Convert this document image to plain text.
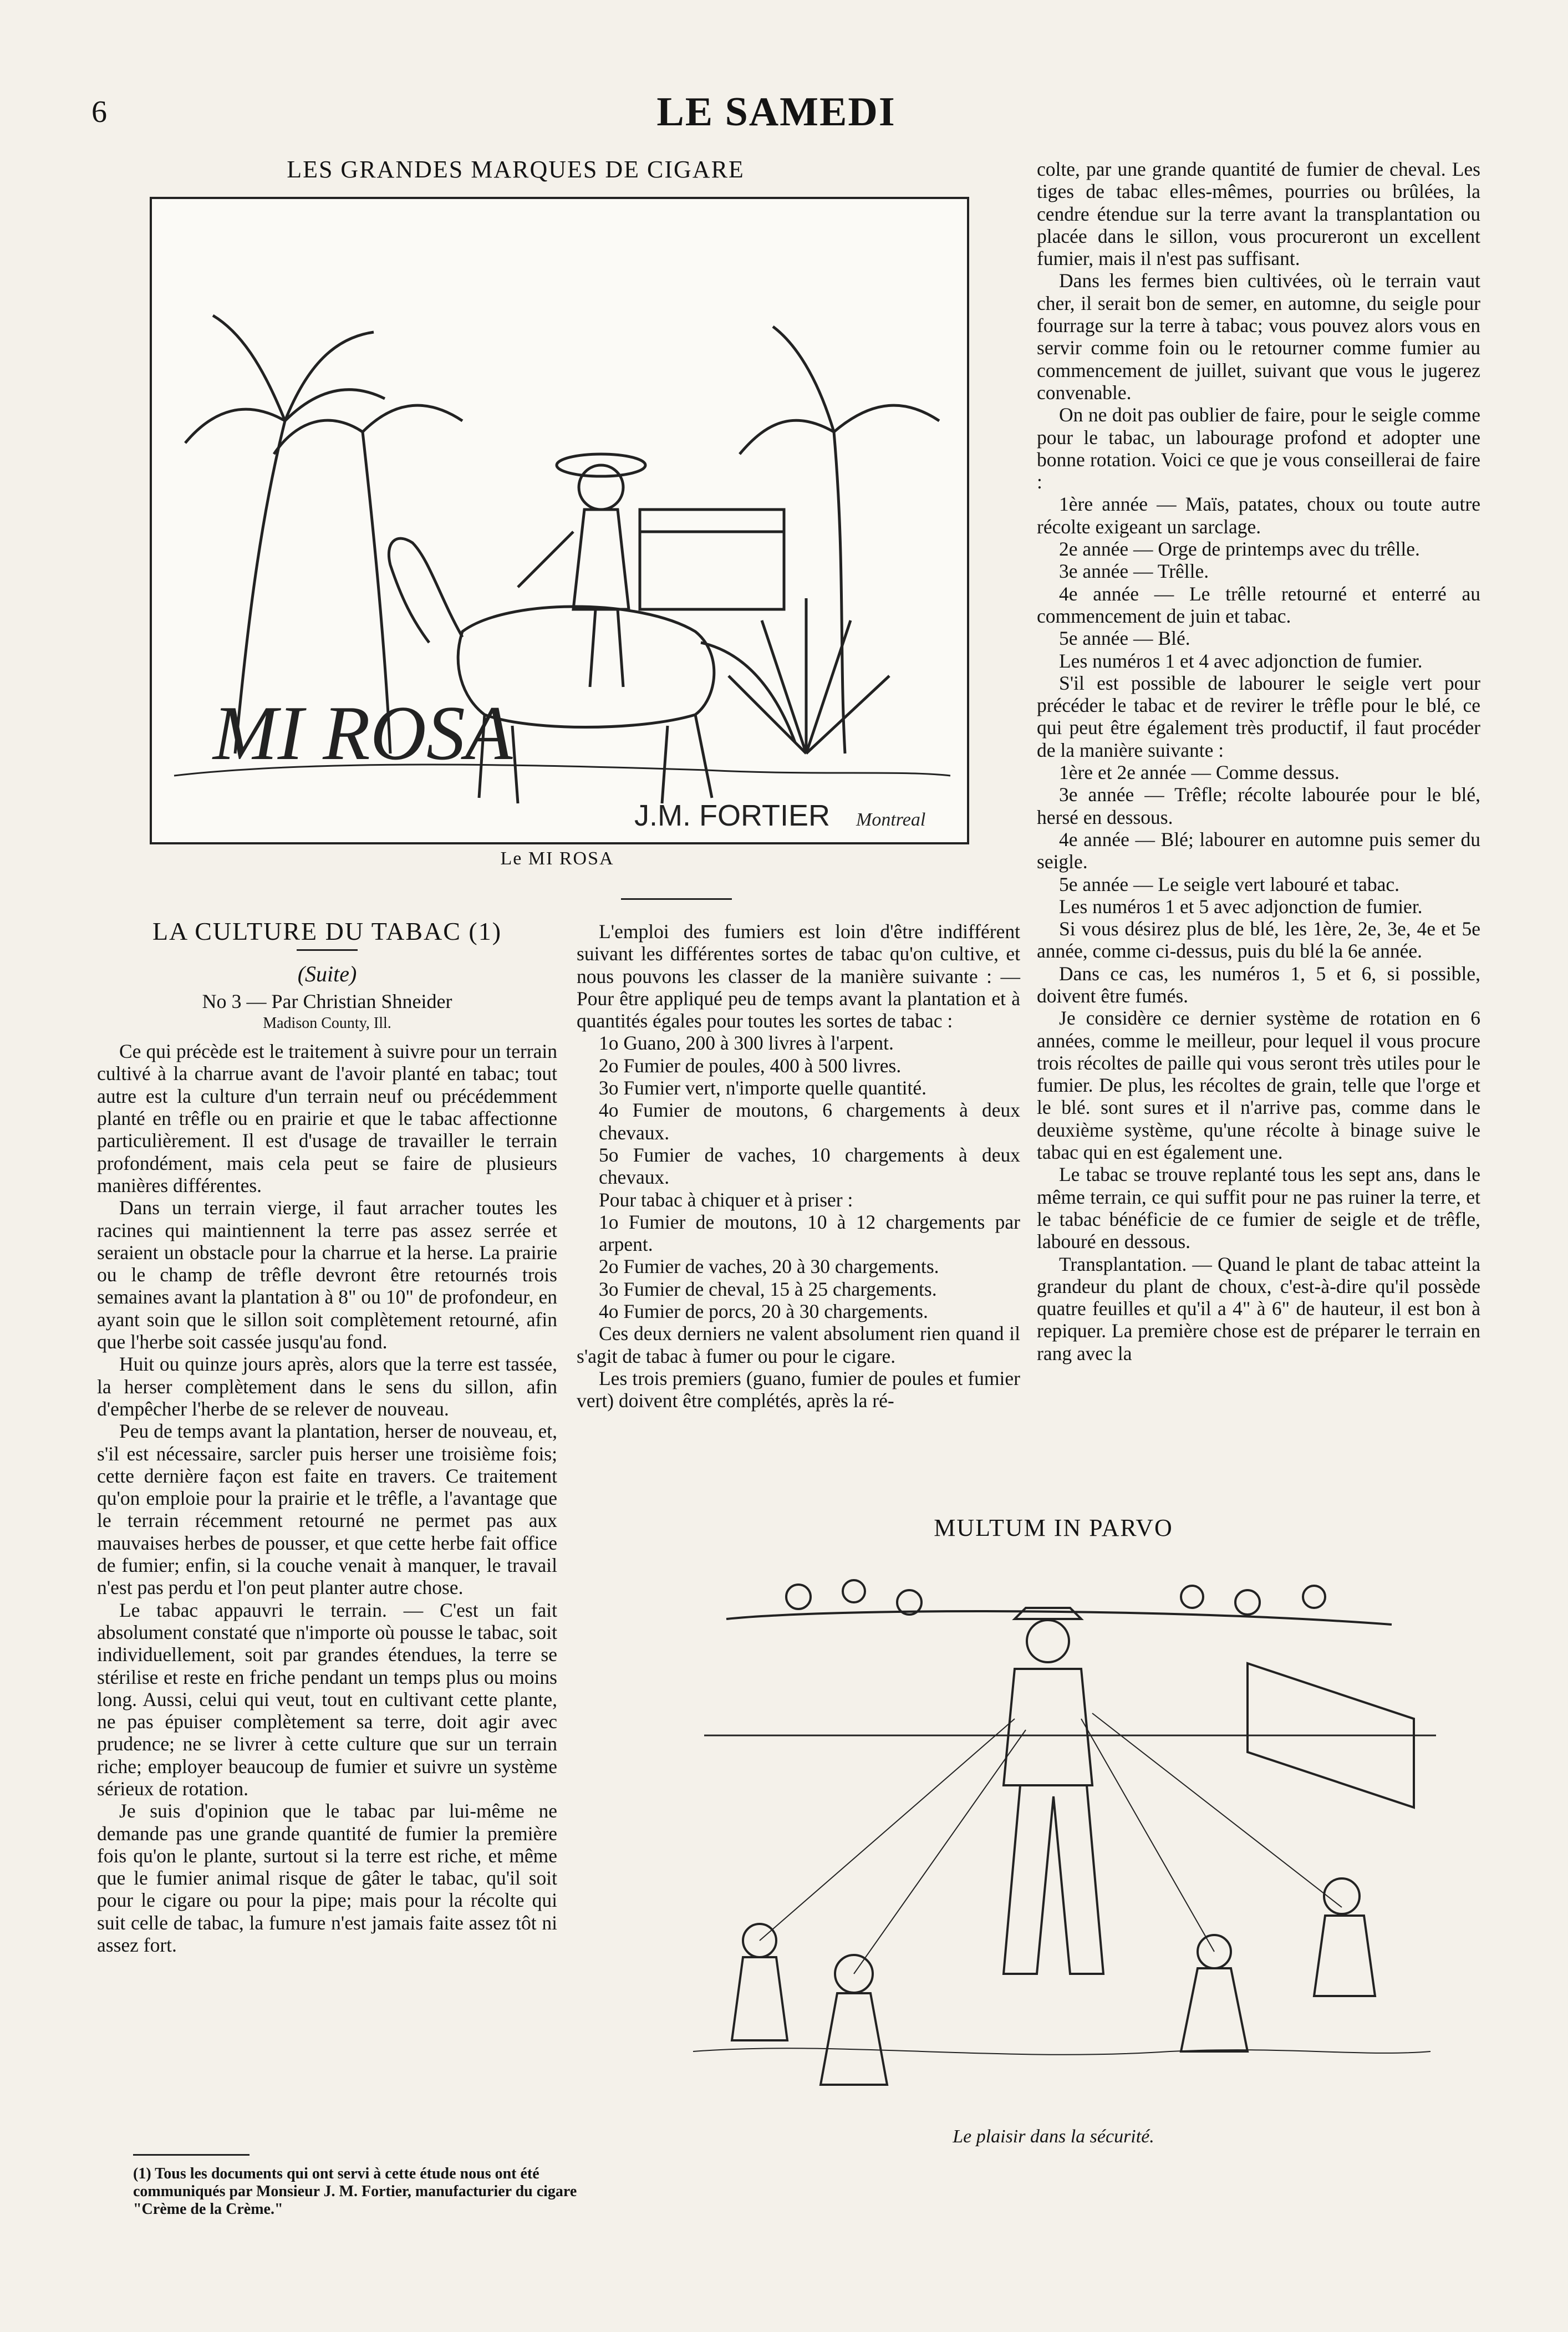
6	LE SAMEDI
LES GRANDES MARQUES DE CIGARE
MI ROSA
J.M. FORTIER Montreal
Le MI ROSA

LA CULTURE DU TABAC (1)

(Suite)

No 3 — Par Christian Shneider

Madison County, Ill.

Ce qui précède est le traitement à suivre pour un terrain cultivé à la charrue avant de l'avoir planté en tabac; tout autre est la culture d'un terrain neuf ou précédemment planté en trêfle ou en prairie et que le tabac affectionne particulièrement. Il est d'usage de travailler le terrain profondément, mais cela peut se faire de plusieurs manières différentes.

Dans un terrain vierge, il faut arracher toutes les racines qui maintiennent la terre pas assez serrée et seraient un obstacle pour la charrue et la herse. La prairie ou le champ de trêfle devront être retournés trois semaines avant la plantation à 8" ou 10" de profondeur, en ayant soin que le sillon soit complètement retourné, afin que l'herbe soit cassée jusqu'au fond.

Huit ou quinze jours après, alors que la terre est tassée, la herser complètement dans le sens du sillon, afin d'empêcher l'herbe de se relever de nouveau.

Peu de temps avant la plantation, herser de nouveau, et, s'il est nécessaire, sarcler puis herser une troisième fois; cette dernière façon est faite en travers. Ce traitement qu'on emploie pour la prairie et le trêfle, a l'avantage que le terrain récemment retourné ne permet pas aux mauvaises herbes de pousser, et que cette herbe fait office de fumier; enfin, si la couche venait à manquer, le travail n'est pas perdu et l'on peut planter autre chose.

Le tabac appauvri le terrain. — C'est un fait absolument constaté que n'importe où pousse le tabac, soit individuellement, soit par grandes étendues, la terre se stérilise et reste en friche pendant un temps plus ou moins long. Aussi, celui qui veut, tout en cultivant cette plante, ne pas épuiser complètement sa terre, doit agir avec prudence; ne se livrer à cette culture que sur un terrain riche; employer beaucoup de fumier et suivre un système sérieux de rotation.

Je suis d'opinion que le tabac par lui-même ne demande pas une grande quantité de fumier la première fois qu'on le plante, surtout si la terre est riche, et même que le fumier animal risque de gâter le tabac, qu'il soit pour le cigare ou pour la pipe; mais pour la récolte qui suit celle de tabac, la fumure n'est jamais faite assez tôt ni assez fort.

(1) Tous les documents qui ont servi à cette étude nous ont été communiqués par Monsieur J. M. Fortier, manufacturier du cigare "Crème de la Crème."

L'emploi des fumiers est loin d'être indifférent suivant les différentes sortes de tabac qu'on cultive, et nous pouvons les classer de la manière suivante : — Pour être appliqué peu de temps avant la plantation et à quantités égales pour toutes les sortes de tabac :

1o Guano, 200 à 300 livres à l'arpent.

2o Fumier de poules, 400 à 500 livres.

3o Fumier vert, n'importe quelle quantité.

4o Fumier de moutons, 6 chargements à deux chevaux.

5o Fumier de vaches, 10 chargements à deux chevaux.

Pour tabac à chiquer et à priser :

1o Fumier de moutons, 10 à 12 chargements par arpent.

2o Fumier de vaches, 20 à 30 chargements.

3o Fumier de cheval, 15 à 25 chargements.

4o Fumier de porcs, 20 à 30 chargements.

Ces deux derniers ne valent absolument rien quand il s'agit de tabac à fumer ou pour le cigare.

Les trois premiers (guano, fumier de poules et fumier vert) doivent être complétés, après la ré-

colte, par une grande quantité de fumier de cheval. Les tiges de tabac elles-mêmes, pourries ou brûlées, la cendre étendue sur la terre avant la transplantation ou placée dans le sillon, vous procureront un excellent fumier, mais il n'est pas suffisant.

Dans les fermes bien cultivées, où le terrain vaut cher, il serait bon de semer, en automne, du seigle pour fourrage sur la terre à tabac; vous pouvez alors vous en servir comme foin ou le retourner comme fumier au commencement de juillet, suivant que vous le jugerez convenable.

On ne doit pas oublier de faire, pour le seigle comme pour le tabac, un labourage profond et adopter une bonne rotation. Voici ce que je vous conseillerai de faire :

1ère année — Maïs, patates, choux ou toute autre récolte exigeant un sarclage.

2e année — Orge de printemps avec du trêlle.

3e année — Trêlle.

4e année — Le trêlle retourné et enterré au commencement de juin et tabac.

5e année — Blé.

Les numéros 1 et 4 avec adjonction de fumier.

S'il est possible de labourer le seigle vert pour précéder le tabac et de revirer le trêfle pour le blé, ce qui peut être également très productif, il faut procéder de la manière suivante :

1ère et 2e année — Comme dessus.

3e année — Trêfle; récolte labourée pour le blé, hersé en dessous.

4e année — Blé; labourer en automne puis semer du seigle.

5e année — Le seigle vert labouré et tabac.

Les numéros 1 et 5 avec adjonction de fumier.

Si vous désirez plus de blé, les 1ère, 2e, 3e, 4e et 5e année, comme ci-dessus, puis du blé la 6e année.

Dans ce cas, les numéros 1, 5 et 6, si possible, doivent être fumés.

Je considère ce dernier système de rotation en 6 années, comme le meilleur, pour lequel il vous procure trois récoltes de paille qui vous seront très utiles pour le fumier. De plus, les récoltes de grain, telle que l'orge et le blé. sont sures et il n'arrive pas, comme dans le deuxième système, qu'une récolte à binage suive le tabac qui en est également une.

Le tabac se trouve replanté tous les sept ans, dans le même terrain, ce qui suffit pour ne pas ruiner la terre, et le tabac bénéficie de ce fumier de seigle et de trêfle, labouré en dessous.

Transplantation. — Quand le plant de tabac atteint la grandeur du plant de choux, c'est-à-dire qu'il possède quatre feuilles et qu'il a 4" à 6" de hauteur, il est bon à repiquer. La première chose est de préparer le terrain en rang avec la

MULTUM IN PARVO
Le plaisir dans la sécurité.
